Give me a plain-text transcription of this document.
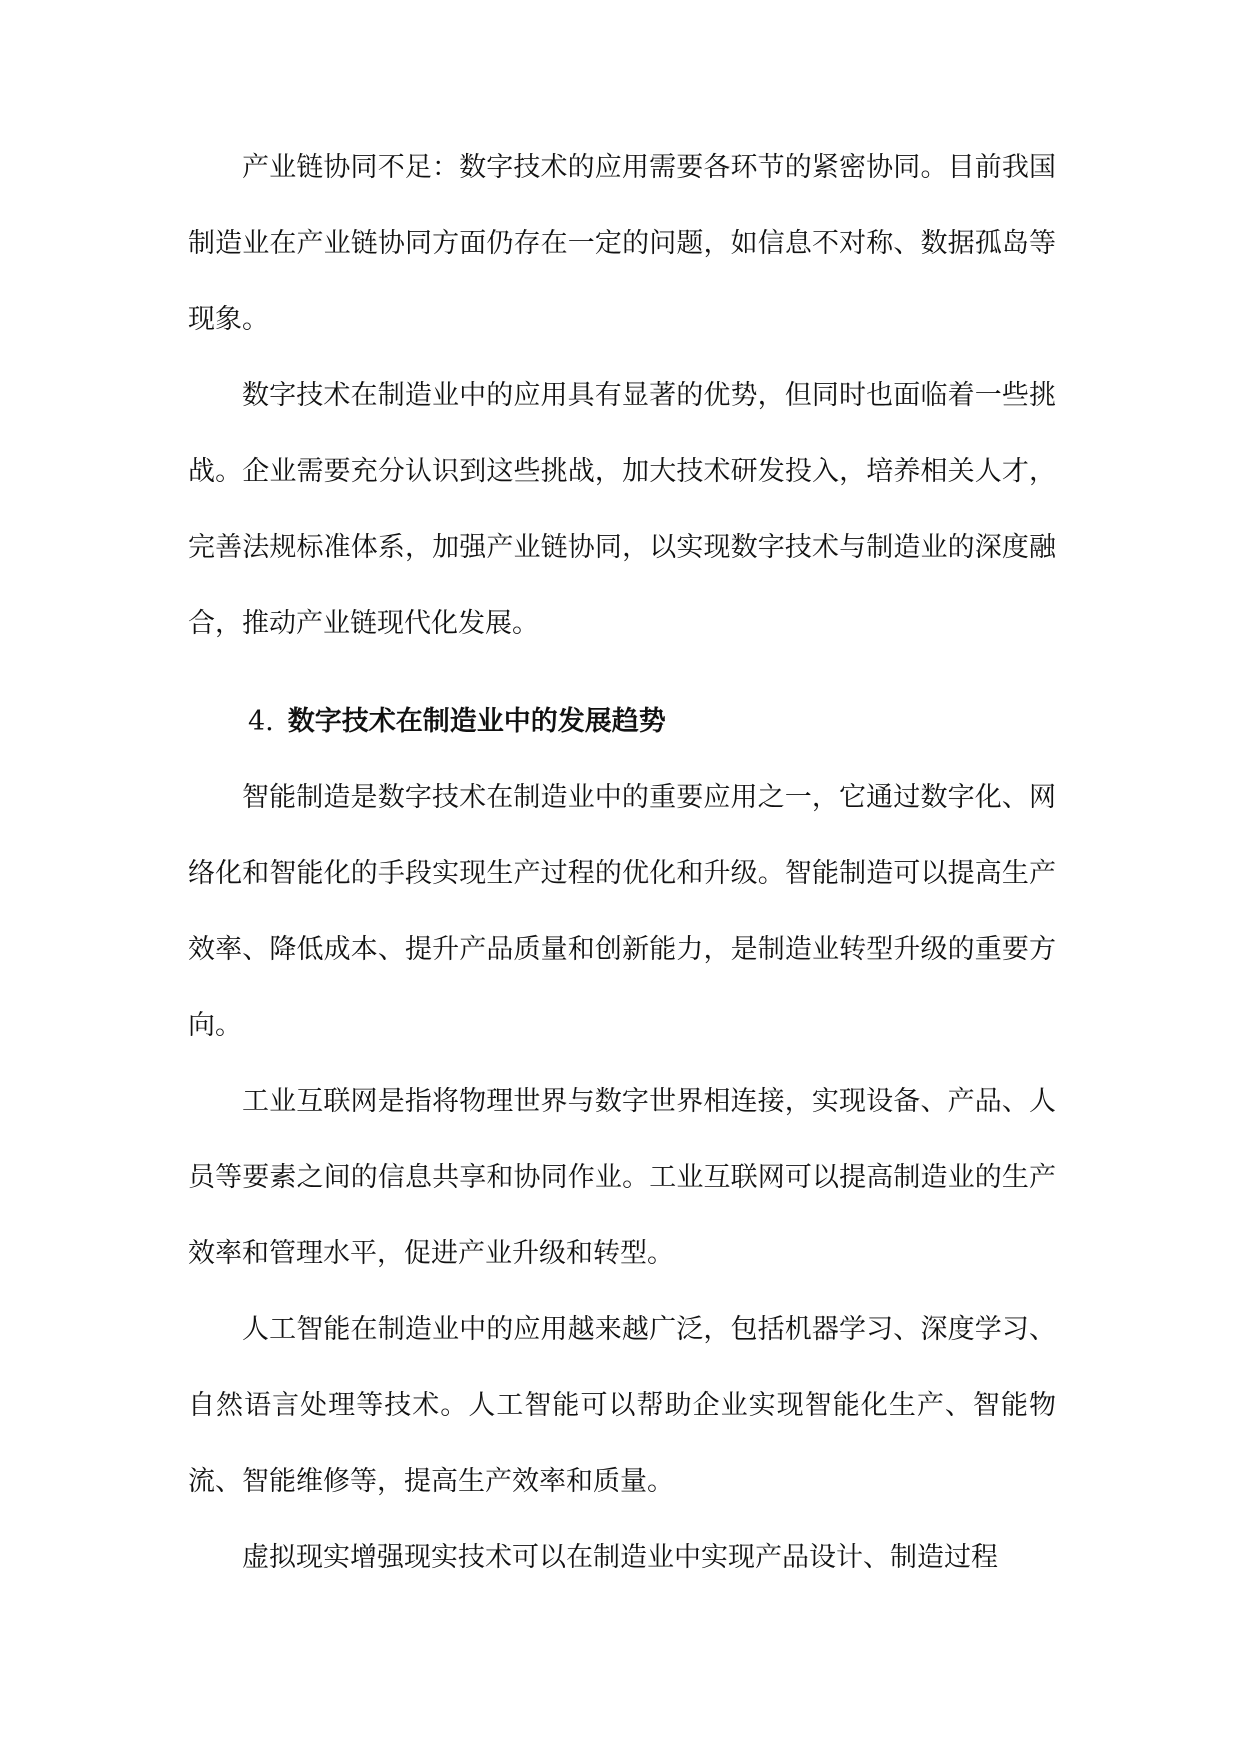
产业链协同不足：数字技术的应用需要各环节的紧密协同。目前我国制造业在产业链协同方面仍存在一定的问题，如信息不对称、数据孤岛等现象。

数字技术在制造业中的应用具有显著的优势，但同时也面临着一些挑战。企业需要充分认识到这些挑战，加大技术研发投入，培养相关人才，完善法规标准体系，加强产业链协同，以实现数字技术与制造业的深度融合，推动产业链现代化发展。

4. 数字技术在制造业中的发展趋势

智能制造是数字技术在制造业中的重要应用之一，它通过数字化、网络化和智能化的手段实现生产过程的优化和升级。智能制造可以提高生产效率、降低成本、提升产品质量和创新能力，是制造业转型升级的重要方向。

工业互联网是指将物理世界与数字世界相连接，实现设备、产品、人员等要素之间的信息共享和协同作业。工业互联网可以提高制造业的生产效率和管理水平，促进产业升级和转型。

人工智能在制造业中的应用越来越广泛，包括机器学习、深度学习、自然语言处理等技术。人工智能可以帮助企业实现智能化生产、智能物流、智能维修等，提高生产效率和质量。

虚拟现实增强现实技术可以在制造业中实现产品设计、制造过程
